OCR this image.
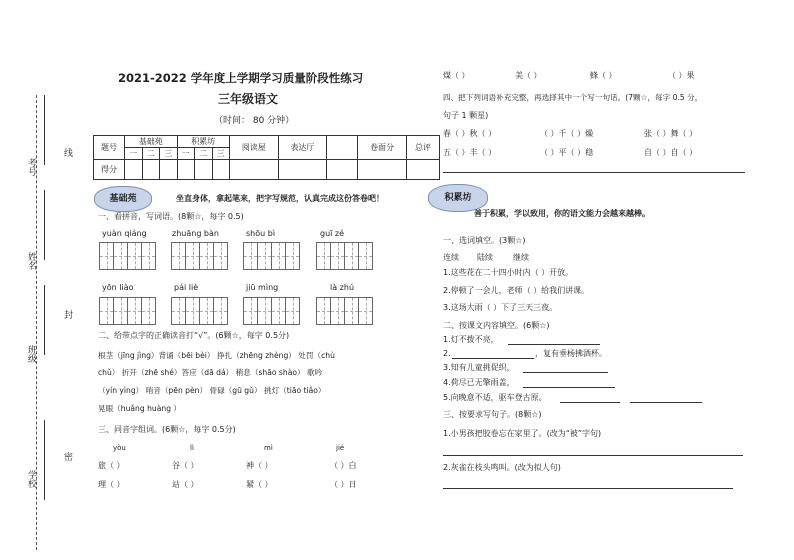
考号
线
姓名
封
班级
密
学校
2021-2022 学年度上学期学习质量阶段性练习
三年级语文
（时间： 80 分钟）
题号	基础苑			积累坊			阅读屋	表达厅		卷面分	总评
	一	二	三	一	二	三					
得分											
基础苑	坐直身体，拿起笔来，把字写规范，认真完成这份答卷吧！
一、看拼音，写词语。(8颗☆，每字 0.5)
yuàn qiáng	zhuāng bàn	shōu bì	guī zé
yōn liào	pái liè	jiū mìng	là zhú
二、给带点字的正确读音打“√”。(6颗☆，每字 0.5分)
根茎（jīng jìng）背诵（bēi bèi） 挣扎（zhēng zhèng） 处罚（chù
chǔ） 折开（zhē shé）答应（dā dá） 稍息（shāo shào） 歌吟
（yín yìng） 哨音（pēn pèn） 骨碌（gū gǔ） 挑灯（tiāo tiǎo）
晃眼（huǎng huàng ）
三、同音字组词。(6颗☆，每字 0.5分)
yòu	lì	mì	jié
旅（ ）	谷（ ）	神（ ）	（ ）白
理（ ）	站（ ）	紧（ ）	（ ）日
煤（ ）	美（ ）	蜂（ ）	（ ）果
四、把下列词语补充完整，再选择其中一个写一句话。(7颗☆，每字 0.5 分，
句子 1 颗星)
春（ ）秋（ ）	（ ）千（ ）燥	张（ ）舞（ ）
五（ ）丰（ ）	（ ）平（ ）稳	自（ ）自（ ）
积累坊
善于积累，学以致用，你的语文能力会越来越棒。
一、选词填空。(3颗☆)
连续 陆续	继续
1.这些花在二十四小时内（ ）开放。
2.停顿了一会儿，老师（ ）给我们讲课。
3.这场大雨（ ）下了三天三夜。
二、按课文内容填空。(6颗☆)
1.灯不拨不亮，
2.	，复有垂杨拂酒杯。
3.知有儿童挑促织，
4.荷尽已无擎雨盖，
5.向晚意不适，驱车登古原。
三、按要求写句子。(8颗☆)
1.小男孩把胶卷忘在家里了。(改为“被”字句)
2.灰雀在枝头鸣叫。(改为拟人句)
